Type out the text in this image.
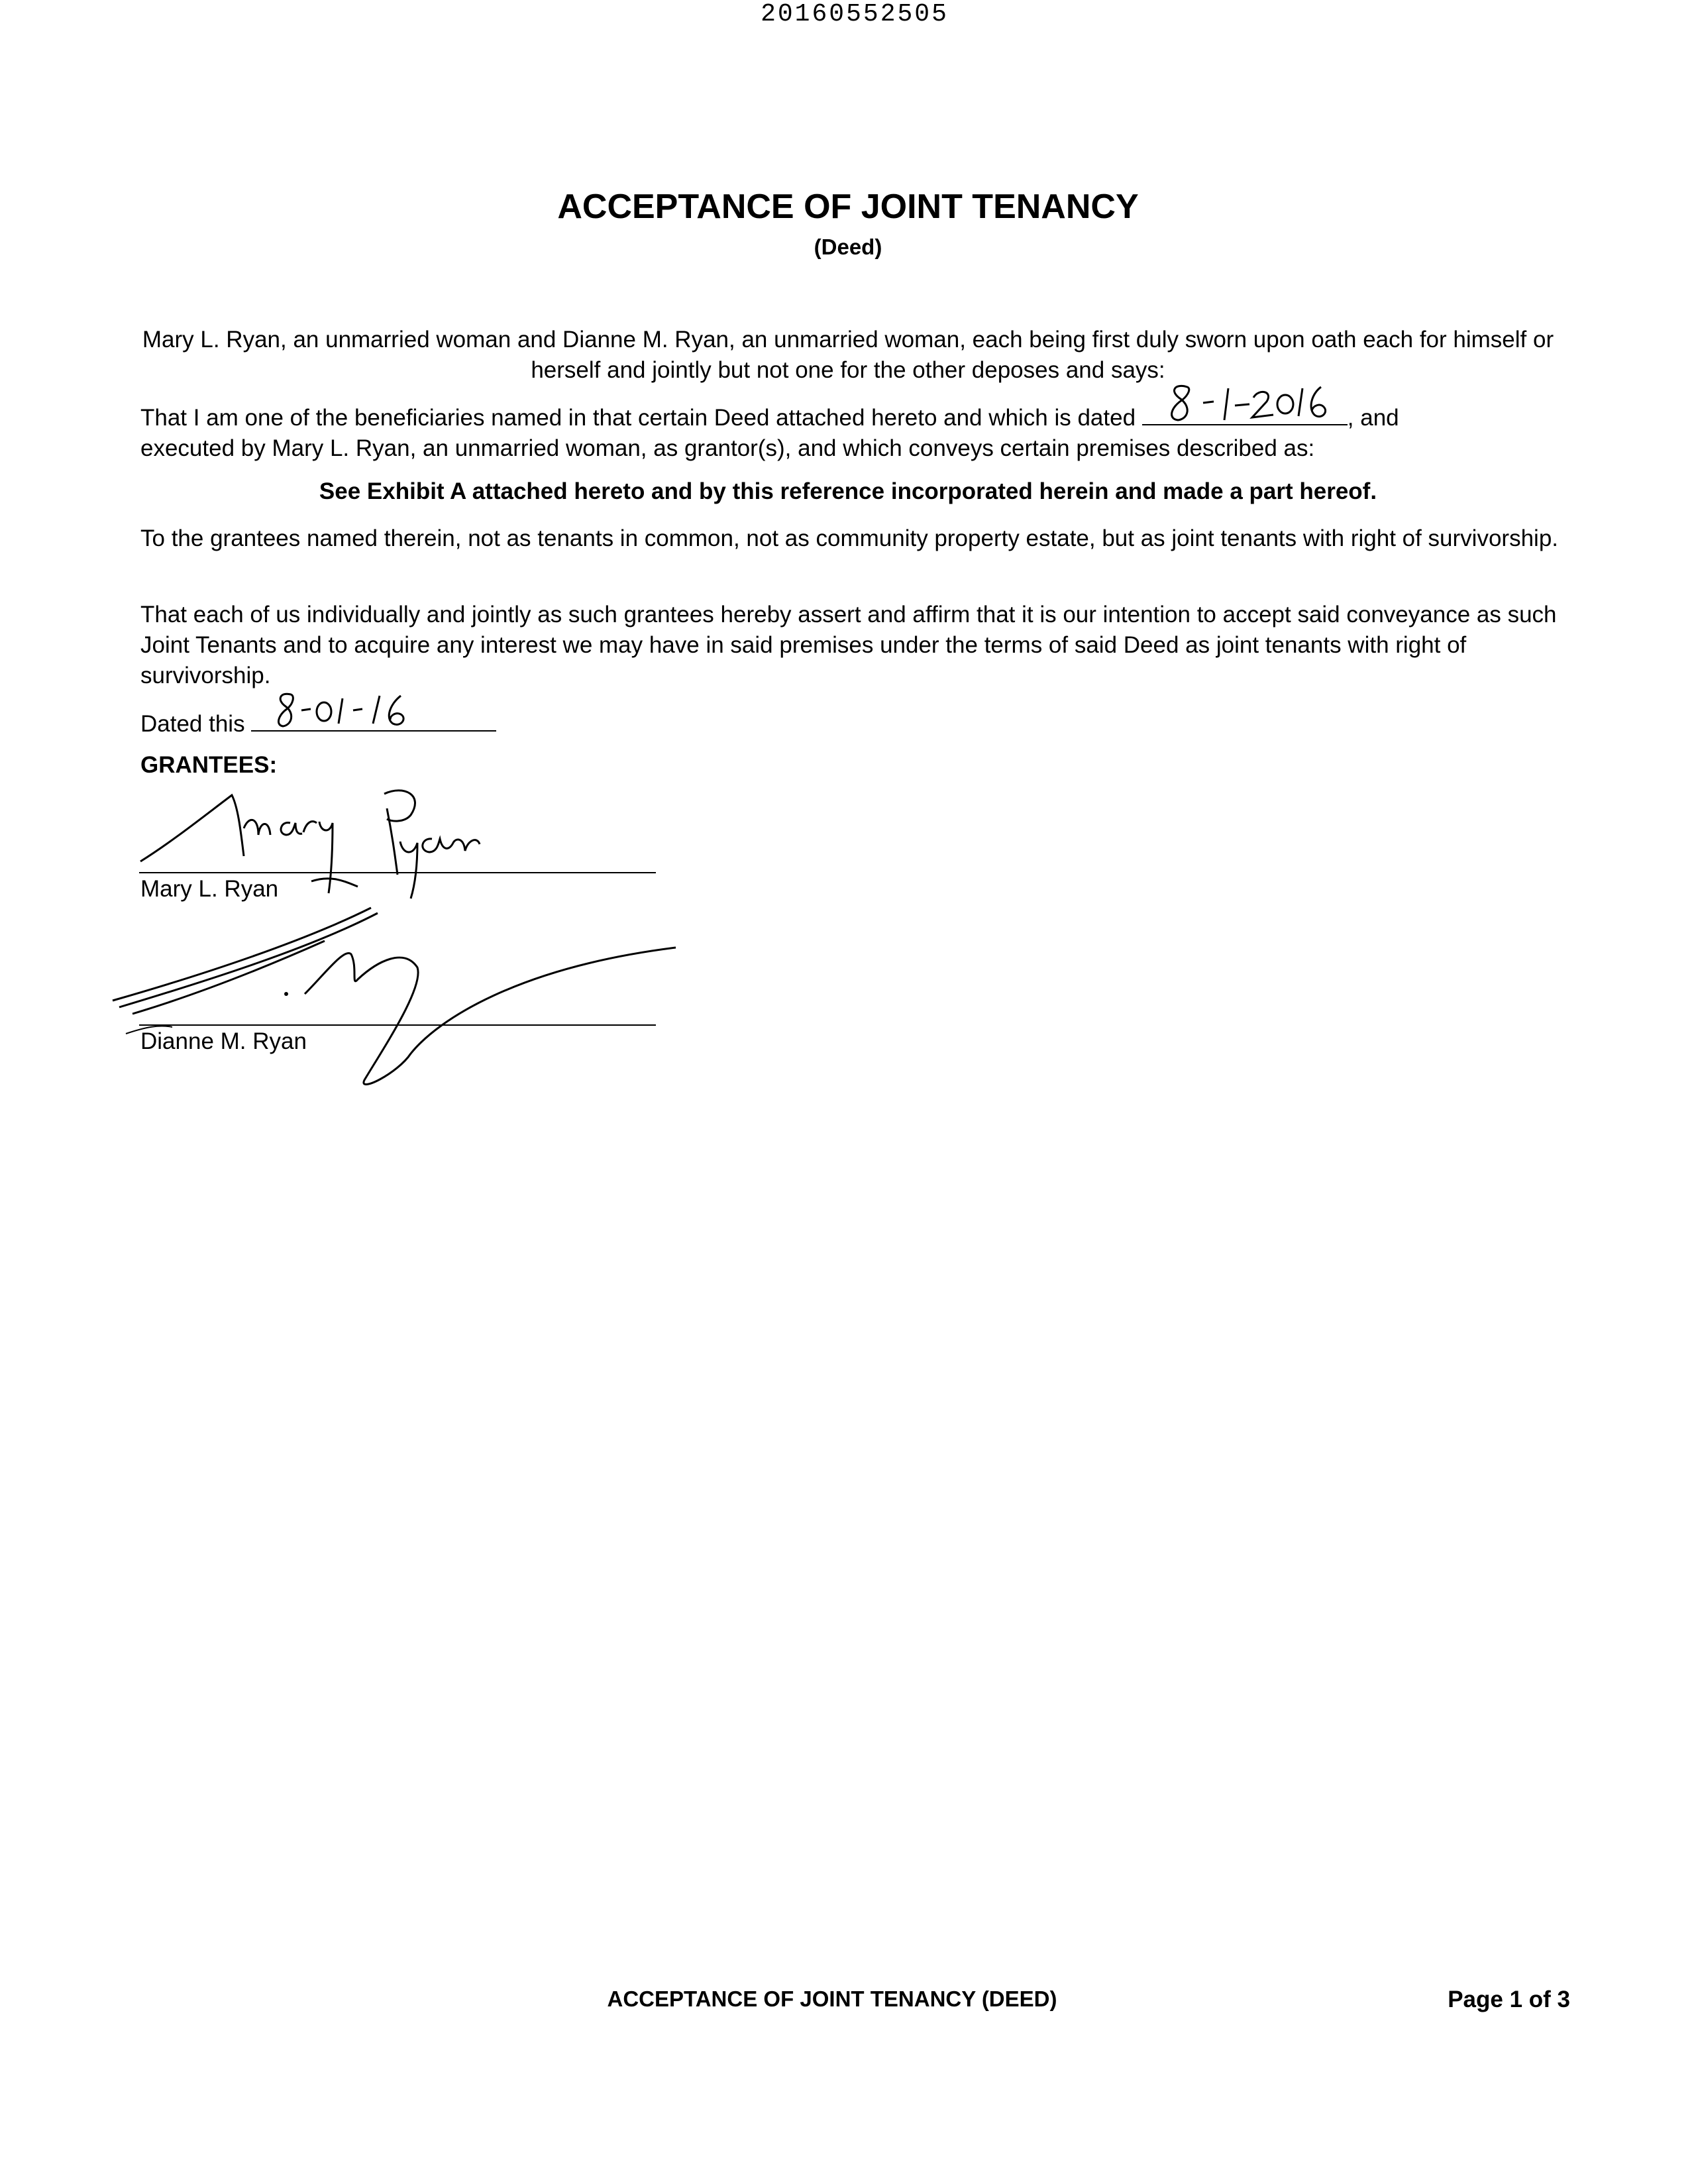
20160552505
ACCEPTANCE OF JOINT TENANCY
(Deed)
Mary L. Ryan, an unmarried woman and Dianne M. Ryan, an unmarried woman, each being first duly sworn upon oath each for himself or herself and jointly but not one for the other deposes and says:
That I am one of the beneficiaries named in that certain Deed attached hereto and which is dated	, and
executed by Mary L. Ryan, an unmarried woman, as grantor(s), and which conveys certain premises described as:
See Exhibit A attached hereto and by this reference incorporated herein and made a part hereof.
To the grantees named therein, not as tenants in common, not as community property estate, but as joint tenants with right of survivorship.
That each of us individually and jointly as such grantees hereby assert and affirm that it is our intention to accept said conveyance as such Joint Tenants and to acquire any interest we may have in said premises under the terms of said Deed as joint tenants with right of survivorship.
Dated this
GRANTEES:
Mary L. Ryan
Dianne M. Ryan
ACCEPTANCE OF JOINT TENANCY (DEED)	Page 1 of 3
